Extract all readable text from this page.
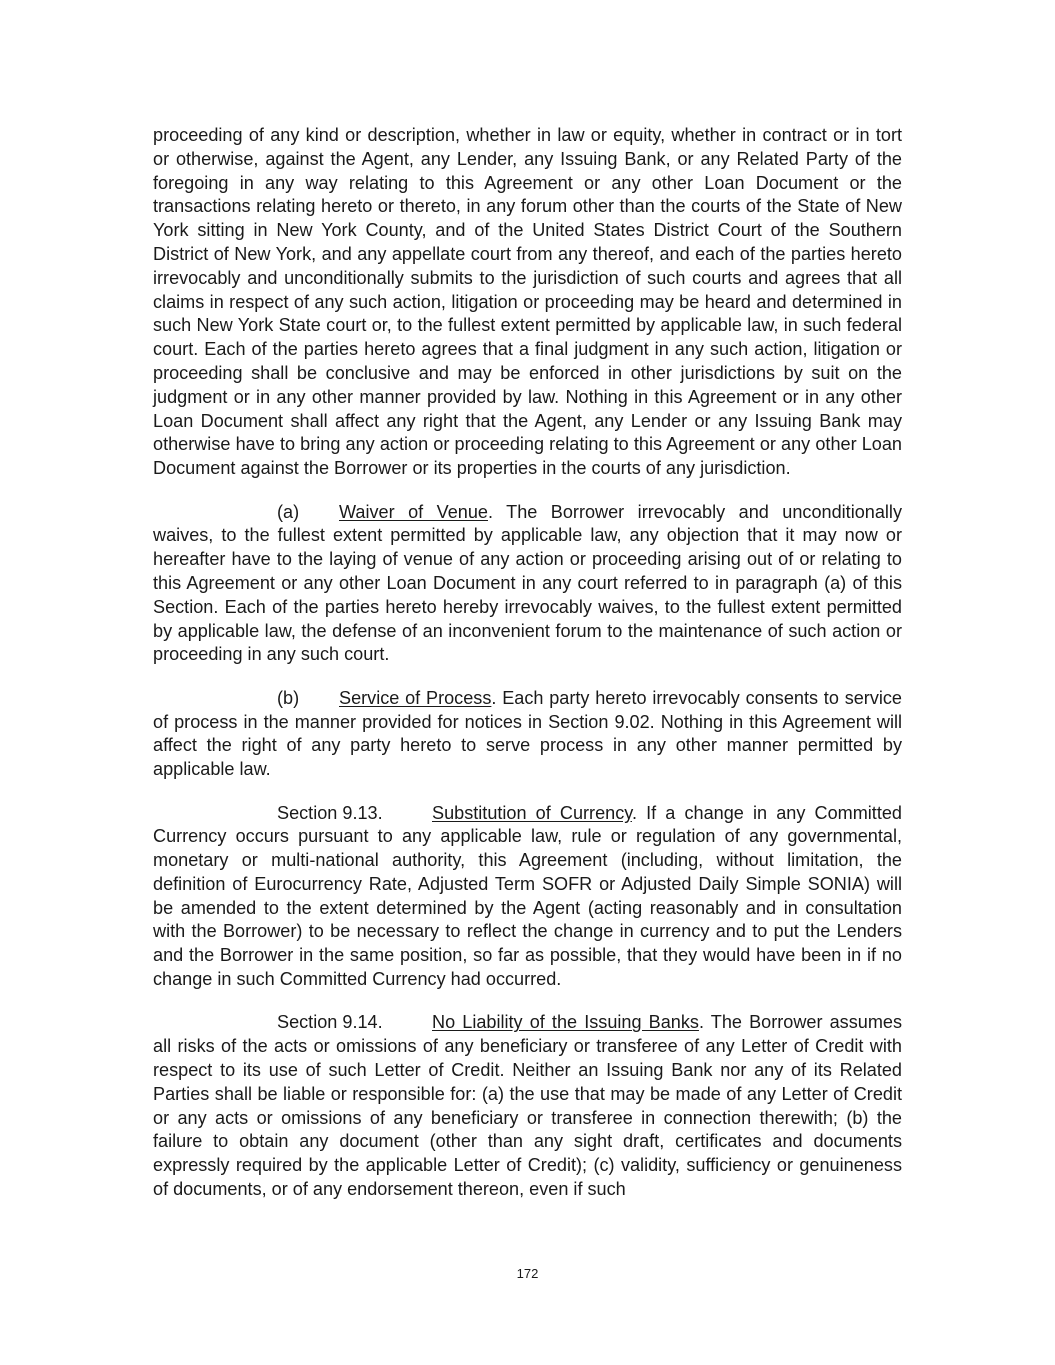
proceeding of any kind or description, whether in law or equity, whether in contract or in tort or otherwise, against the Agent, any Lender, any Issuing Bank, or any Related Party of the foregoing in any way relating to this Agreement or any other Loan Document or the transactions relating hereto or thereto, in any forum other than the courts of the State of New York sitting in New York County, and of the United States District Court of the Southern District of New York, and any appellate court from any thereof, and each of the parties hereto irrevocably and unconditionally submits to the jurisdiction of such courts and agrees that all claims in respect of any such action, litigation or proceeding may be heard and determined in such New York State court or, to the fullest extent permitted by applicable law, in such federal court. Each of the parties hereto agrees that a final judgment in any such action, litigation or proceeding shall be conclusive and may be enforced in other jurisdictions by suit on the judgment or in any other manner provided by law. Nothing in this Agreement or in any other Loan Document shall affect any right that the Agent, any Lender or any Issuing Bank may otherwise have to bring any action or proceeding relating to this Agreement or any other Loan Document against the Borrower or its properties in the courts of any jurisdiction.

(a) Waiver of Venue. The Borrower irrevocably and unconditionally waives, to the fullest extent permitted by applicable law, any objection that it may now or hereafter have to the laying of venue of any action or proceeding arising out of or relating to this Agreement or any other Loan Document in any court referred to in paragraph (a) of this Section. Each of the parties hereto hereby irrevocably waives, to the fullest extent permitted by applicable law, the defense of an inconvenient forum to the maintenance of such action or proceeding in any such court.

(b) Service of Process. Each party hereto irrevocably consents to service of process in the manner provided for notices in Section 9.02. Nothing in this Agreement will affect the right of any party hereto to serve process in any other manner permitted by applicable law.

Section 9.13.	Substitution of Currency. If a change in any Committed Currency occurs pursuant to any applicable law, rule or regulation of any governmental, monetary or multi-national authority, this Agreement (including, without limitation, the definition of Eurocurrency Rate, Adjusted Term SOFR or Adjusted Daily Simple SONIA) will be amended to the extent determined by the Agent (acting reasonably and in consultation with the Borrower) to be necessary to reflect the change in currency and to put the Lenders and the Borrower in the same position, so far as possible, that they would have been in if no change in such Committed Currency had occurred.

Section 9.14.	No Liability of the Issuing Banks. The Borrower assumes all risks of the acts or omissions of any beneficiary or transferee of any Letter of Credit with respect to its use of such Letter of Credit. Neither an Issuing Bank nor any of its Related Parties shall be liable or responsible for: (a) the use that may be made of any Letter of Credit or any acts or omissions of any beneficiary or transferee in connection therewith; (b) the failure to obtain any document (other than any sight draft, certificates and documents expressly required by the applicable Letter of Credit); (c) validity, sufficiency or genuineness of documents, or of any endorsement thereon, even if such

172
